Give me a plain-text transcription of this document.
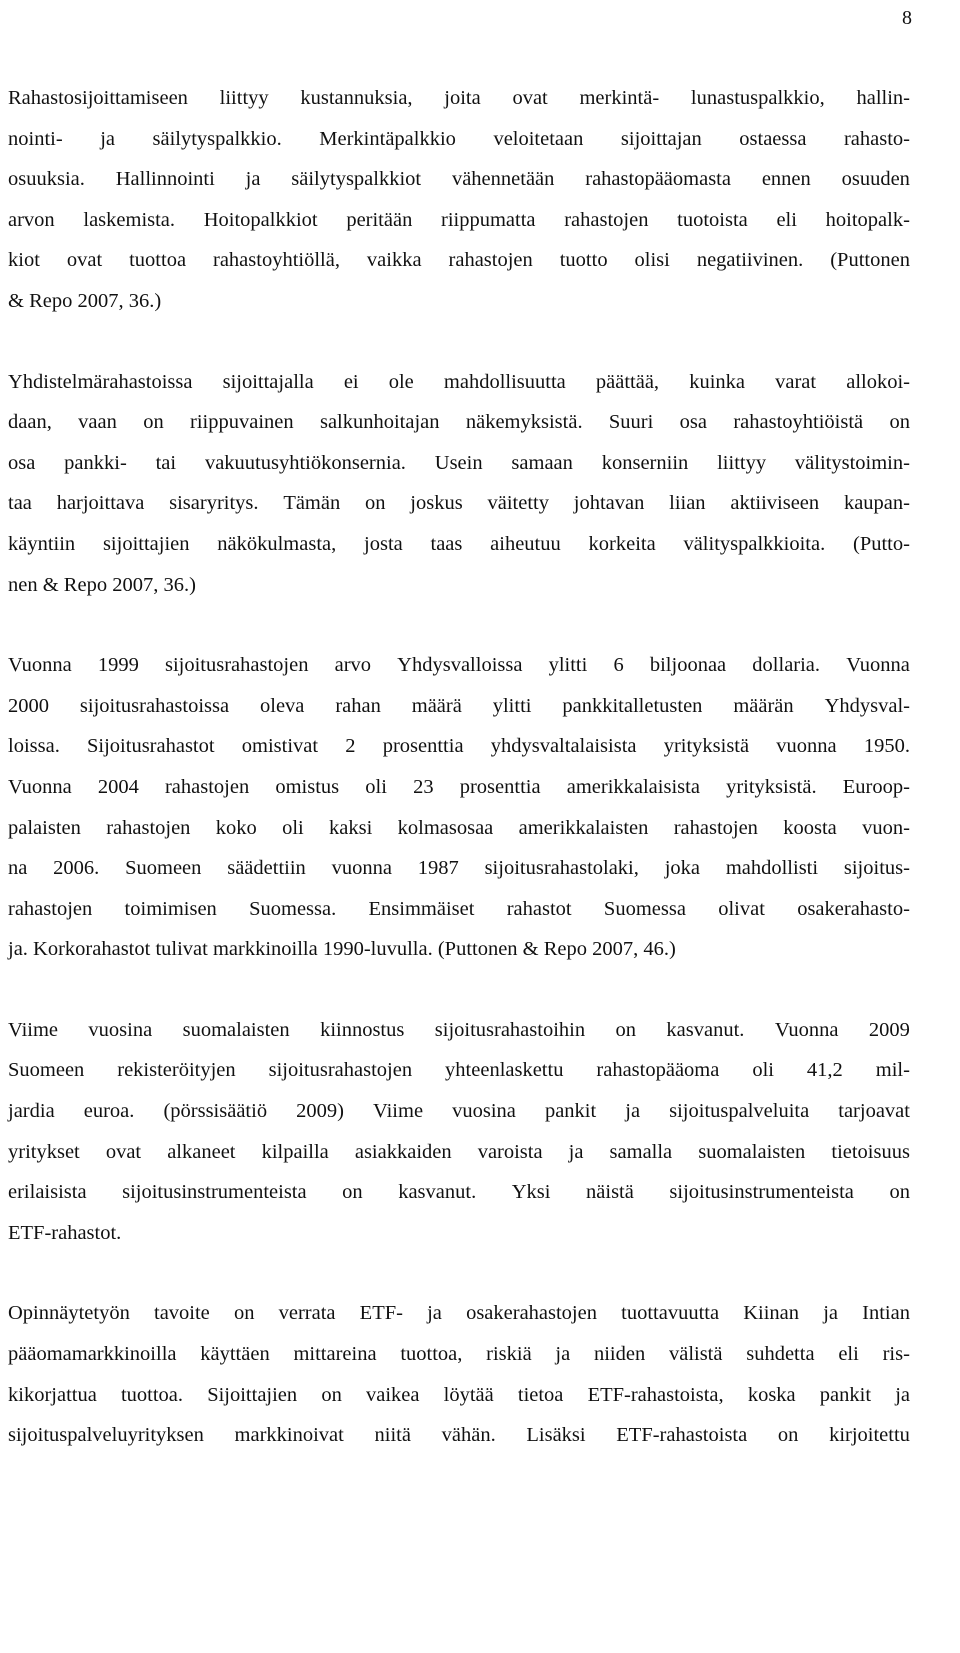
8
Rahastosijoittamiseen liittyy kustannuksia, joita ovat merkintä- lunastuspalkkio, hallin-
nointi- ja säilytyspalkkio. Merkintäpalkkio veloitetaan sijoittajan ostaessa rahasto-
osuuksia. Hallinnointi ja säilytyspalkkiot vähennetään rahastopääomasta ennen osuuden
arvon laskemista. Hoitopalkkiot peritään riippumatta rahastojen tuotoista eli hoitopalk-
kiot ovat tuottoa rahastoyhtiöllä, vaikka rahastojen tuotto olisi negatiivinen. (Puttonen
& Repo 2007, 36.)
Yhdistelmärahastoissa sijoittajalla ei ole mahdollisuutta päättää, kuinka varat allokoi-
daan, vaan on riippuvainen salkunhoitajan näkemyksistä. Suuri osa rahastoyhtiöistä on
osa pankki- tai vakuutusyhtiökonsernia. Usein samaan konserniin liittyy välitystoimin-
taa harjoittava sisaryritys. Tämän on joskus väitetty johtavan liian aktiiviseen kaupan-
käyntiin sijoittajien näkökulmasta, josta taas aiheutuu korkeita välityspalkkioita. (Putto-
nen & Repo 2007, 36.)
Vuonna 1999 sijoitusrahastojen arvo Yhdysvalloissa ylitti 6 biljoonaa dollaria. Vuonna
2000 sijoitusrahastoissa oleva rahan määrä ylitti pankkitalletusten määrän Yhdysval-
loissa. Sijoitusrahastot omistivat 2 prosenttia yhdysvaltalaisista yrityksistä vuonna 1950.
Vuonna 2004 rahastojen omistus oli 23 prosenttia amerikkalaisista yrityksistä. Euroop-
palaisten rahastojen koko oli kaksi kolmasosaa amerikkalaisten rahastojen koosta vuon-
na 2006. Suomeen säädettiin vuonna 1987 sijoitusrahastolaki, joka mahdollisti sijoitus-
rahastojen toimimisen Suomessa. Ensimmäiset rahastot Suomessa olivat osakerahasto-
ja. Korkorahastot tulivat markkinoilla 1990-luvulla. (Puttonen & Repo 2007, 46.)
Viime vuosina suomalaisten kiinnostus sijoitusrahastoihin on kasvanut. Vuonna 2009
Suomeen rekisteröityjen sijoitusrahastojen yhteenlaskettu rahastopääoma oli 41,2 mil-
jardia euroa. (pörssisäätiö 2009) Viime vuosina pankit ja sijoituspalveluita tarjoavat
yritykset ovat alkaneet kilpailla asiakkaiden varoista ja samalla suomalaisten tietoisuus
erilaisista sijoitusinstrumenteista on kasvanut. Yksi näistä sijoitusinstrumenteista on
ETF-rahastot.
Opinnäytetyön tavoite on verrata ETF- ja osakerahastojen tuottavuutta Kiinan ja Intian
pääomamarkkinoilla käyttäen mittareina tuottoa, riskiä ja niiden välistä suhdetta eli ris-
kikorjattua tuottoa. Sijoittajien on vaikea löytää tietoa ETF-rahastoista, koska pankit ja
sijoituspalveluyrityksen markkinoivat niitä vähän. Lisäksi ETF-rahastoista on kirjoitettu
